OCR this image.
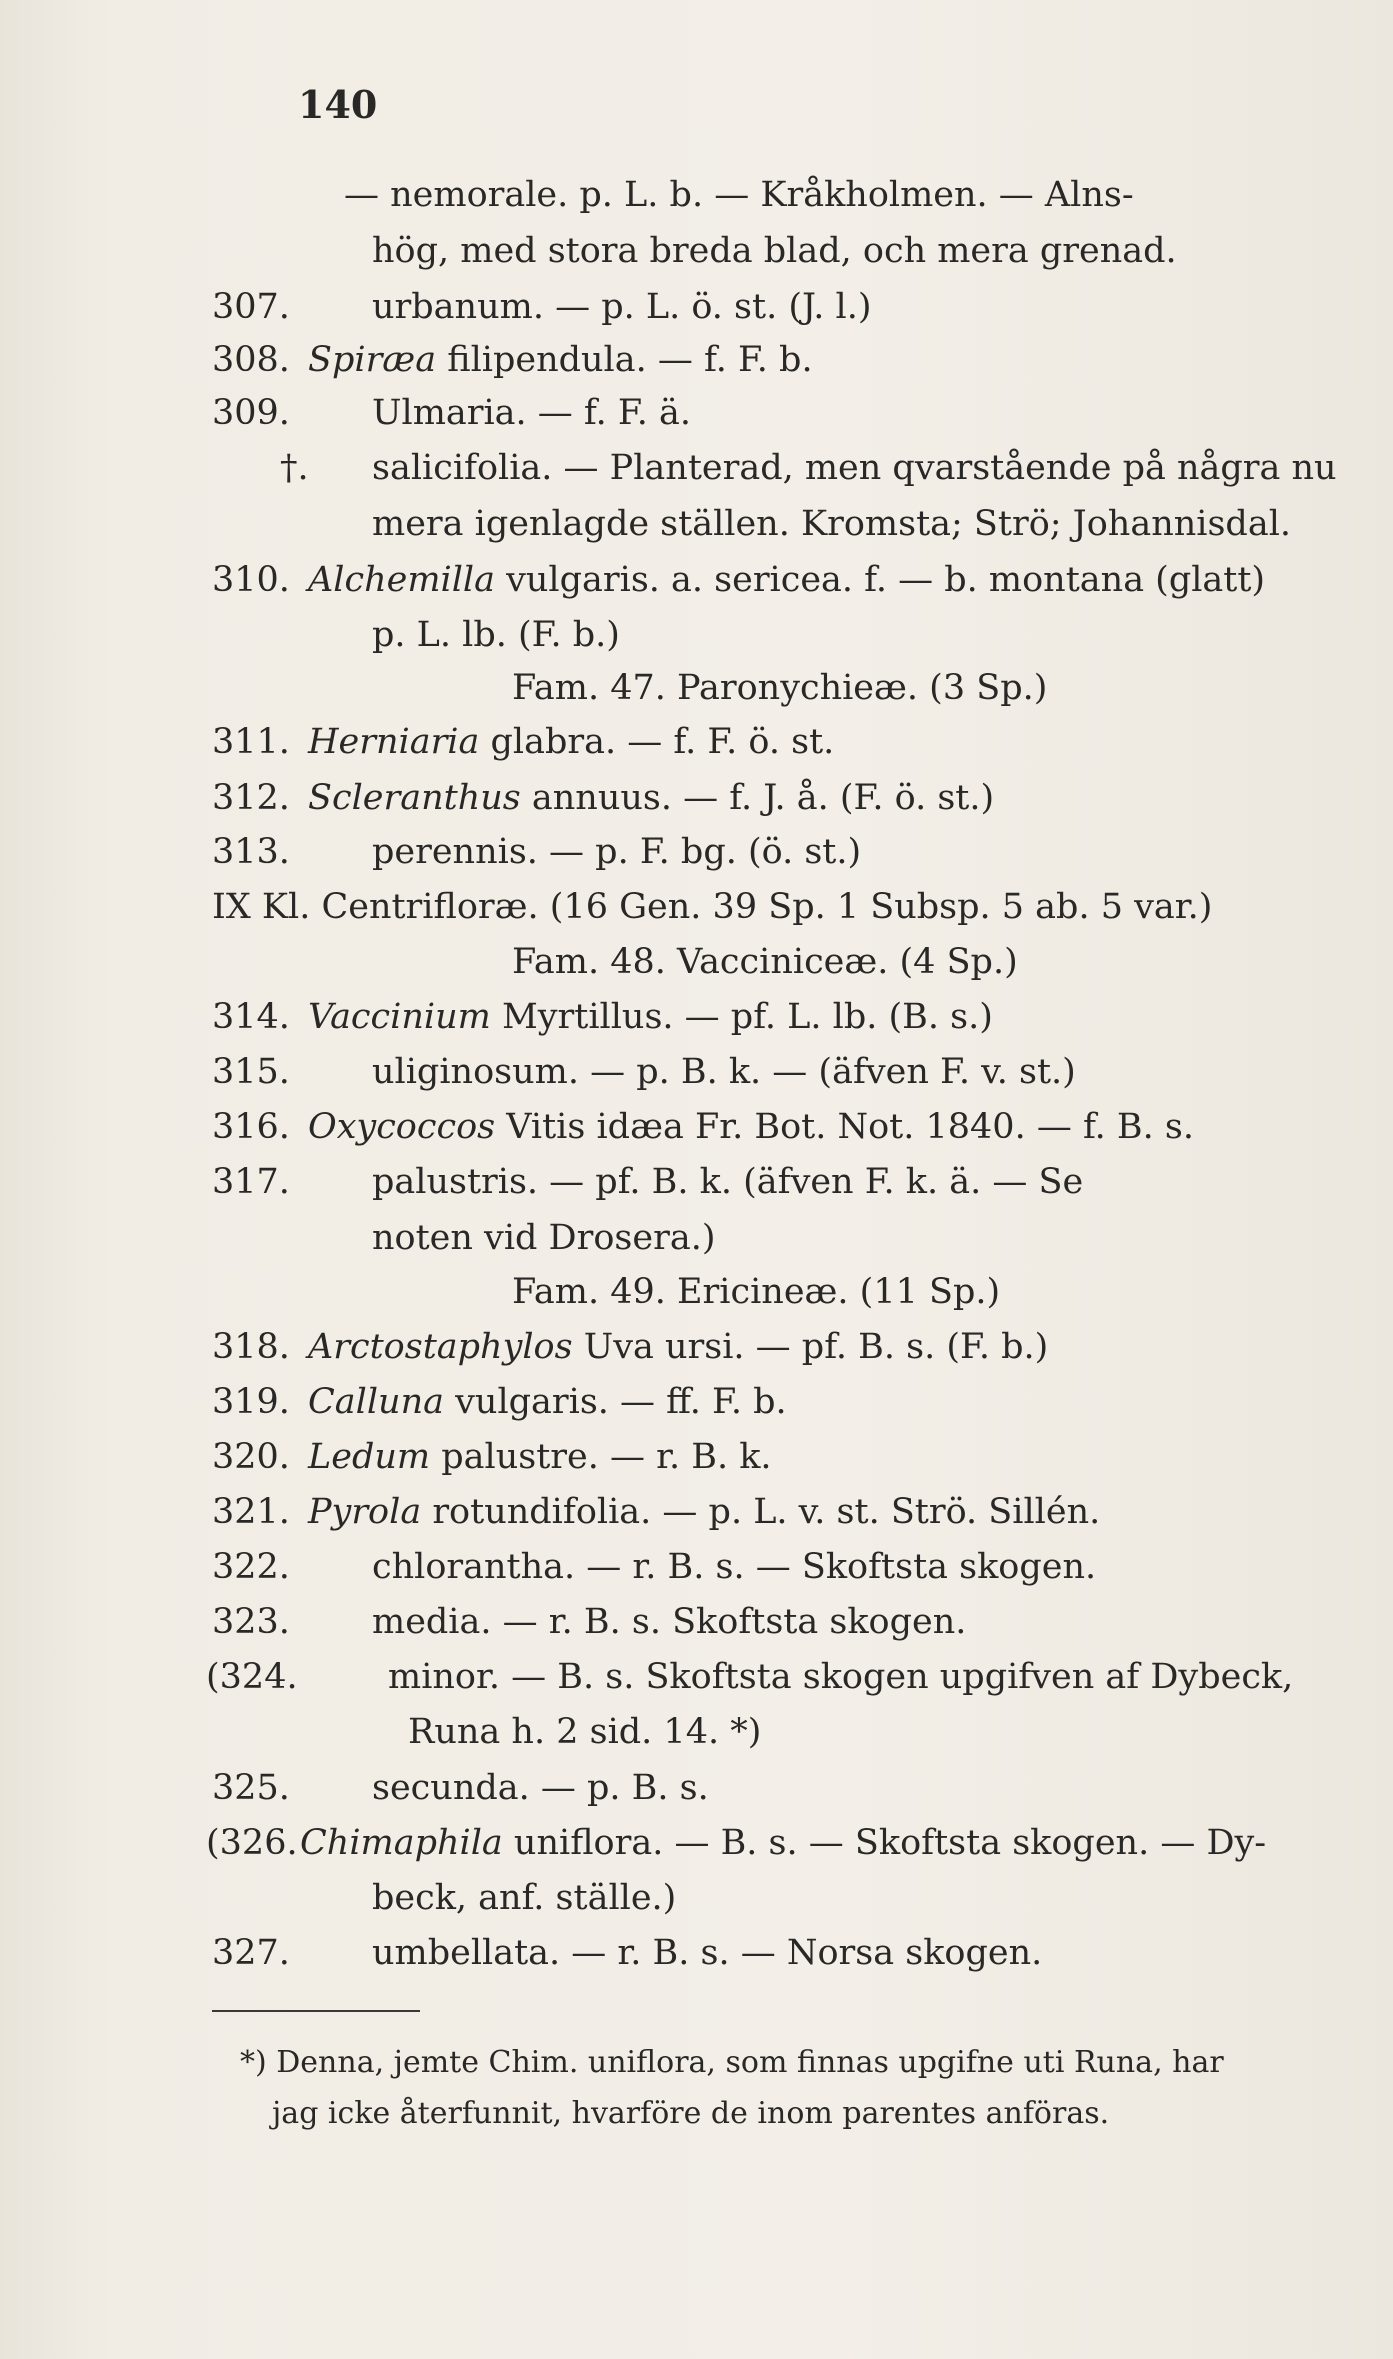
140
— nemorale. p. L. b. — Kråkholmen. — Alns-
hög, med stora breda blad, och mera grenad.
307. urbanum. — p. L. ö. st. (J. l.)
308. Spiræa filipendula. — f. F. b.
309. Ulmaria. — f. F. ä.
†. salicifolia. — Planterad, men qvarstående på några nu
mera igenlagde ställen. Kromsta; Strö; Johannisdal.
310. Alchemilla vulgaris. a. sericea. f. — b. montana (glatt)
p. L. lb. (F. b.)
Fam. 47. Paronychieæ. (3 Sp.)
311. Herniaria glabra. — f. F. ö. st.
312. Scleranthus annuus. — f. J. å. (F. ö. st.)
313. perennis. — p. F. bg. (ö. st.)
IX Kl. Centrifloræ. (16 Gen. 39 Sp. 1 Subsp. 5 ab. 5 var.)
Fam. 48. Vacciniceæ. (4 Sp.)
314. Vaccinium Myrtillus. — pf. L. lb. (B. s.)
315. uliginosum. — p. B. k. — (äfven F. v. st.)
316. Oxycoccos Vitis idæa Fr. Bot. Not. 1840. — f. B. s.
317. palustris. — pf. B. k. (äfven F. k. ä. — Se
noten vid Drosera.)
Fam. 49. Ericineæ. (11 Sp.)
318. Arctostaphylos Uva ursi. — pf. B. s. (F. b.)
319. Calluna vulgaris. — ff. F. b.
320. Ledum palustre. — r. B. k.
321. Pyrola rotundifolia. — p. L. v. st. Strö. Sillén.
322. chlorantha. — r. B. s. — Skoftsta skogen.
323. media. — r. B. s. Skoftsta skogen.
(324.	minor. — B. s. Skoftsta skogen upgifven af Dybeck,
Runa h. 2 sid. 14. *)
325. secunda. — p. B. s.
(326. Chimaphila uniflora. — B. s. — Skoftsta skogen. — Dy-
beck, anf. ställe.)
327. umbellata. — r. B. s. — Norsa skogen.
*) Denna, jemte Chim. uniflora, som finnas upgifne uti Runa, har
jag icke återfunnit, hvarföre de inom parentes anföras.
